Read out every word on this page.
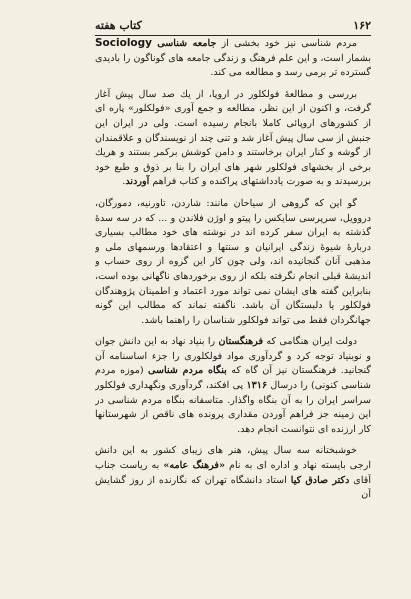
۱۶۲
کتاب هفته

مردم شناسی نیز خود بخشی از جامعه شناسی Sociology بشمار است، و این علم فرهنگ و زندگی جامعه های گوناگون را بادیدی گسترده تر برمی رسد و مطالعه می کند.

بررسی و مطالعهٔ فولکلور در اروپا، از یك صد سال پیش آغاز گرفت، و اکنون از این نظر، مطالعه و جمع آوری «فولکلور» پاره ای از کشورهای اروپائی کاملا بانجام رسیده است. ولی در ایران این جنبش از سی سال پیش آغاز شد و تنی چند از نویسندگان و علاقمندان از گوشه و کنار ایران برخاستند و دامن کوشش برکمر بستند و هریك برخی از بخشهای فولکلور شهر های ایران را بنا بر ذوق و طبع خود بررسیدند و به صورت یادداشتهای پراکنده و کتاب فراهم آوردند.

گو این که گروهی از سیاحان مانند: شاردن، تاورنیه، دمورگان، دروویل، سرپرسی سایکس را پیتو و اوژن فلاندن و ... که در سه سدهٔ گذشته به ایران سفر کرده اند در نوشته های خود مطالب بسیاری دربارهٔ شیوهٔ زندگی ایرانیان و سنتها و اعتقادها ورسمهای ملی و مذهبی آنان گنجانیده اند، ولی چون کار این گروه از روی حساب و اندیشهٔ قبلی انجام نگرفته بلکه از روی برخوردهای ناگهانی بوده است، بنابراین گفته های ایشان نمی تواند مورد اعتماد و اطمینان پژوهندگان فولکلور یا دلبستگان آن باشد. ناگفته نماند که مطالب این گونه جهانگردان فقط می تواند فولکلور شناسان را راهنما باشد.

دولت ایران هنگامی که فرهنگستان را بنیاد نهاد به این دانش جوان و نوبنیاد توجه کرد و گردآوری مواد فولکلوری را جزء اساسنامه آن گنجانید. فرهنگستان نیز آن گاه که بنگاه مردم شناسی (موزه مردم شناسی کنونی) را درسال ۱۳۱۶ پی افکند، گردآوری ونگهداری فولکلور سراسر ایران را به آن بنگاه واگذار. متاسفانه بنگاه مردم شناسی در این زمینه جز فراهم آوردن مقداری پرونده های ناقص از شهرستانها کار ارزنده ای نتوانست انجام دهد.

خوشبختانه سه سال پیش، هنر های زیبای کشور به این دانش ارجی بایسته نهاد و اداره ای به نام «فرهنگ عامه» به ریاست جناب آقای دکتر صادق کیا استاد دانشگاه تهران که نگارنده از روز گشایش آن
